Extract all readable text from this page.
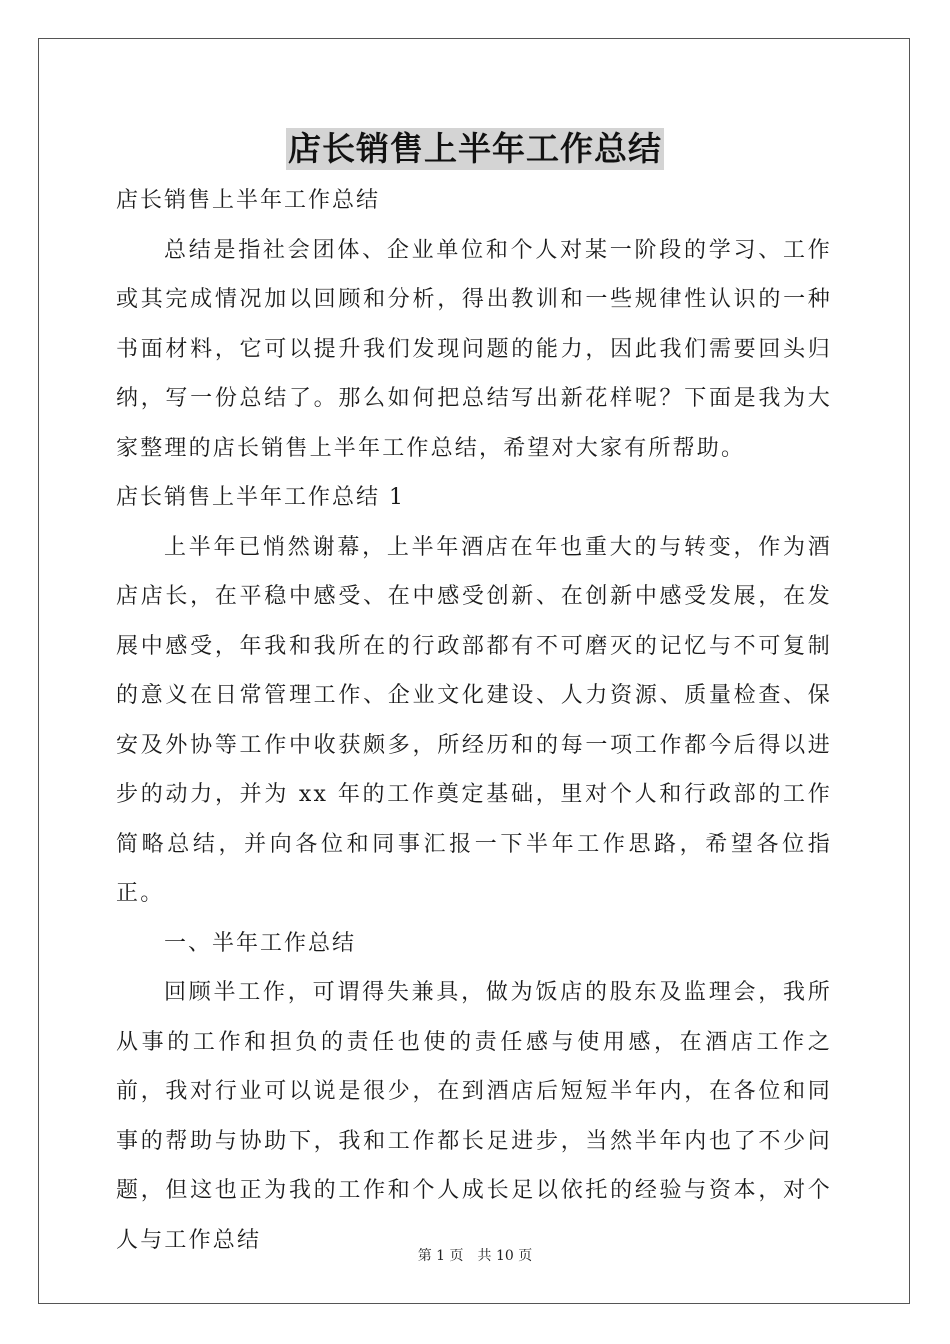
店长销售上半年工作总结

店长销售上半年工作总结

总结是指社会团体、企业单位和个人对某一阶段的学习、工作或其完成情况加以回顾和分析，得出教训和一些规律性认识的一种书面材料，它可以提升我们发现问题的能力，因此我们需要回头归纳，写一份总结了。那么如何把总结写出新花样呢？下面是我为大家整理的店长销售上半年工作总结，希望对大家有所帮助。

店长销售上半年工作总结 1

上半年已悄然谢幕，上半年酒店在年也重大的与转变，作为酒店店长，在平稳中感受、在中感受创新、在创新中感受发展，在发展中感受，年我和我所在的行政部都有不可磨灭的记忆与不可复制的意义在日常管理工作、企业文化建设、人力资源、质量检查、保安及外协等工作中收获颇多，所经历和的每一项工作都今后得以进步的动力，并为 xx 年的工作奠定基础，里对个人和行政部的工作简略总结，并向各位和同事汇报一下半年工作思路，希望各位指正。

一、半年工作总结

回顾半工作，可谓得失兼具，做为饭店的股东及监理会，我所从事的工作和担负的责任也使的责任感与使用感，在酒店工作之前，我对行业可以说是很少，在到酒店后短短半年内，在各位和同事的帮助与协助下，我和工作都长足进步，当然半年内也了不少问题，但这也正为我的工作和个人成长足以依托的经验与资本，对个人与工作总结

第 1 页　共 10 页
